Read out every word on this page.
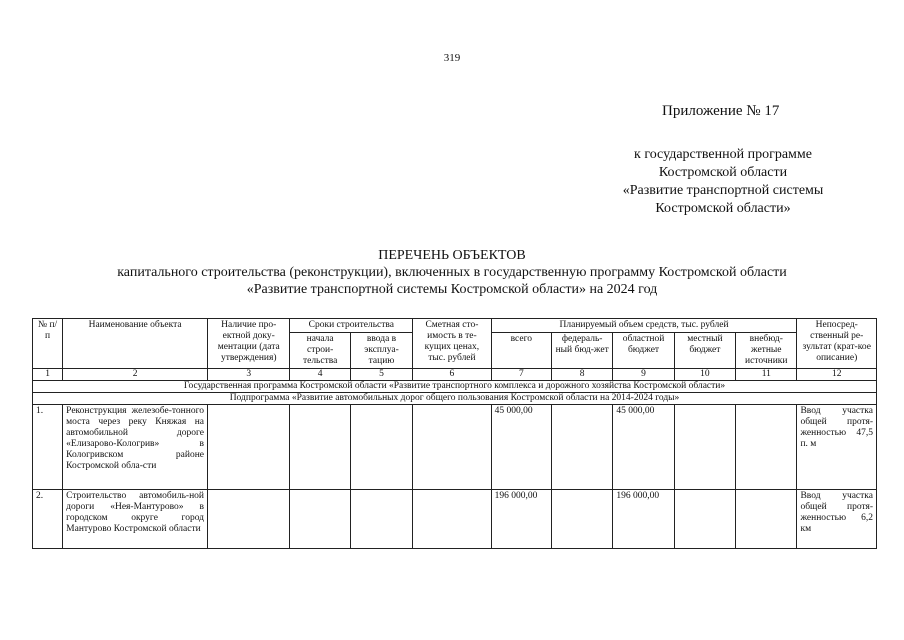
319
Приложение № 17
к государственной программе
Костромской области
«Развитие транспортной системы
Костромской области»
ПЕРЕЧЕНЬ ОБЪЕКТОВ
капитального строительства (реконструкции), включенных в государственную программу Костромской области
«Развитие транспортной системы Костромской области» на 2024 год
№ п/п	Наименование объекта	Наличие про-ектной доку-ментации (дата утверждения)	Сроки строительства		Сметная сто-имость в те-кущих ценах, тыс. рублей	Планируемый объем средств, тыс. рублей					Непосред-ственный ре-зультат (крат-кое описание)
			начала строи-тельства	ввода в эксплуа-тацию		всего	федераль-ный бюд-жет	областной бюджет	местный бюджет	внебюд-жетные источники	
1	2	3	4	5	6	7	8	9	10	11	12
Государственная программа Костромской области «Развитие транспортного комплекса и дорожного хозяйства Костромской области»											
Подпрограмма «Развитие автомобильных дорог общего пользования Костромской области на 2014-2024 годы»											
1.	Реконструкция железобе-тонного моста через реку Княжая на автомобильной дороге «Елизарово-Кологрив» в Кологривском районе Костромской обла-сти					45 000,00		45 000,00			Ввод участка общей протя-женностью 47,5 п. м
2.	Строительство автомобиль-ной дороги «Нея-Мантурово» в городском округе город Мантурово Костромской области					196 000,00		196 000,00			Ввод участка общей протя-женностью 6,2 км
